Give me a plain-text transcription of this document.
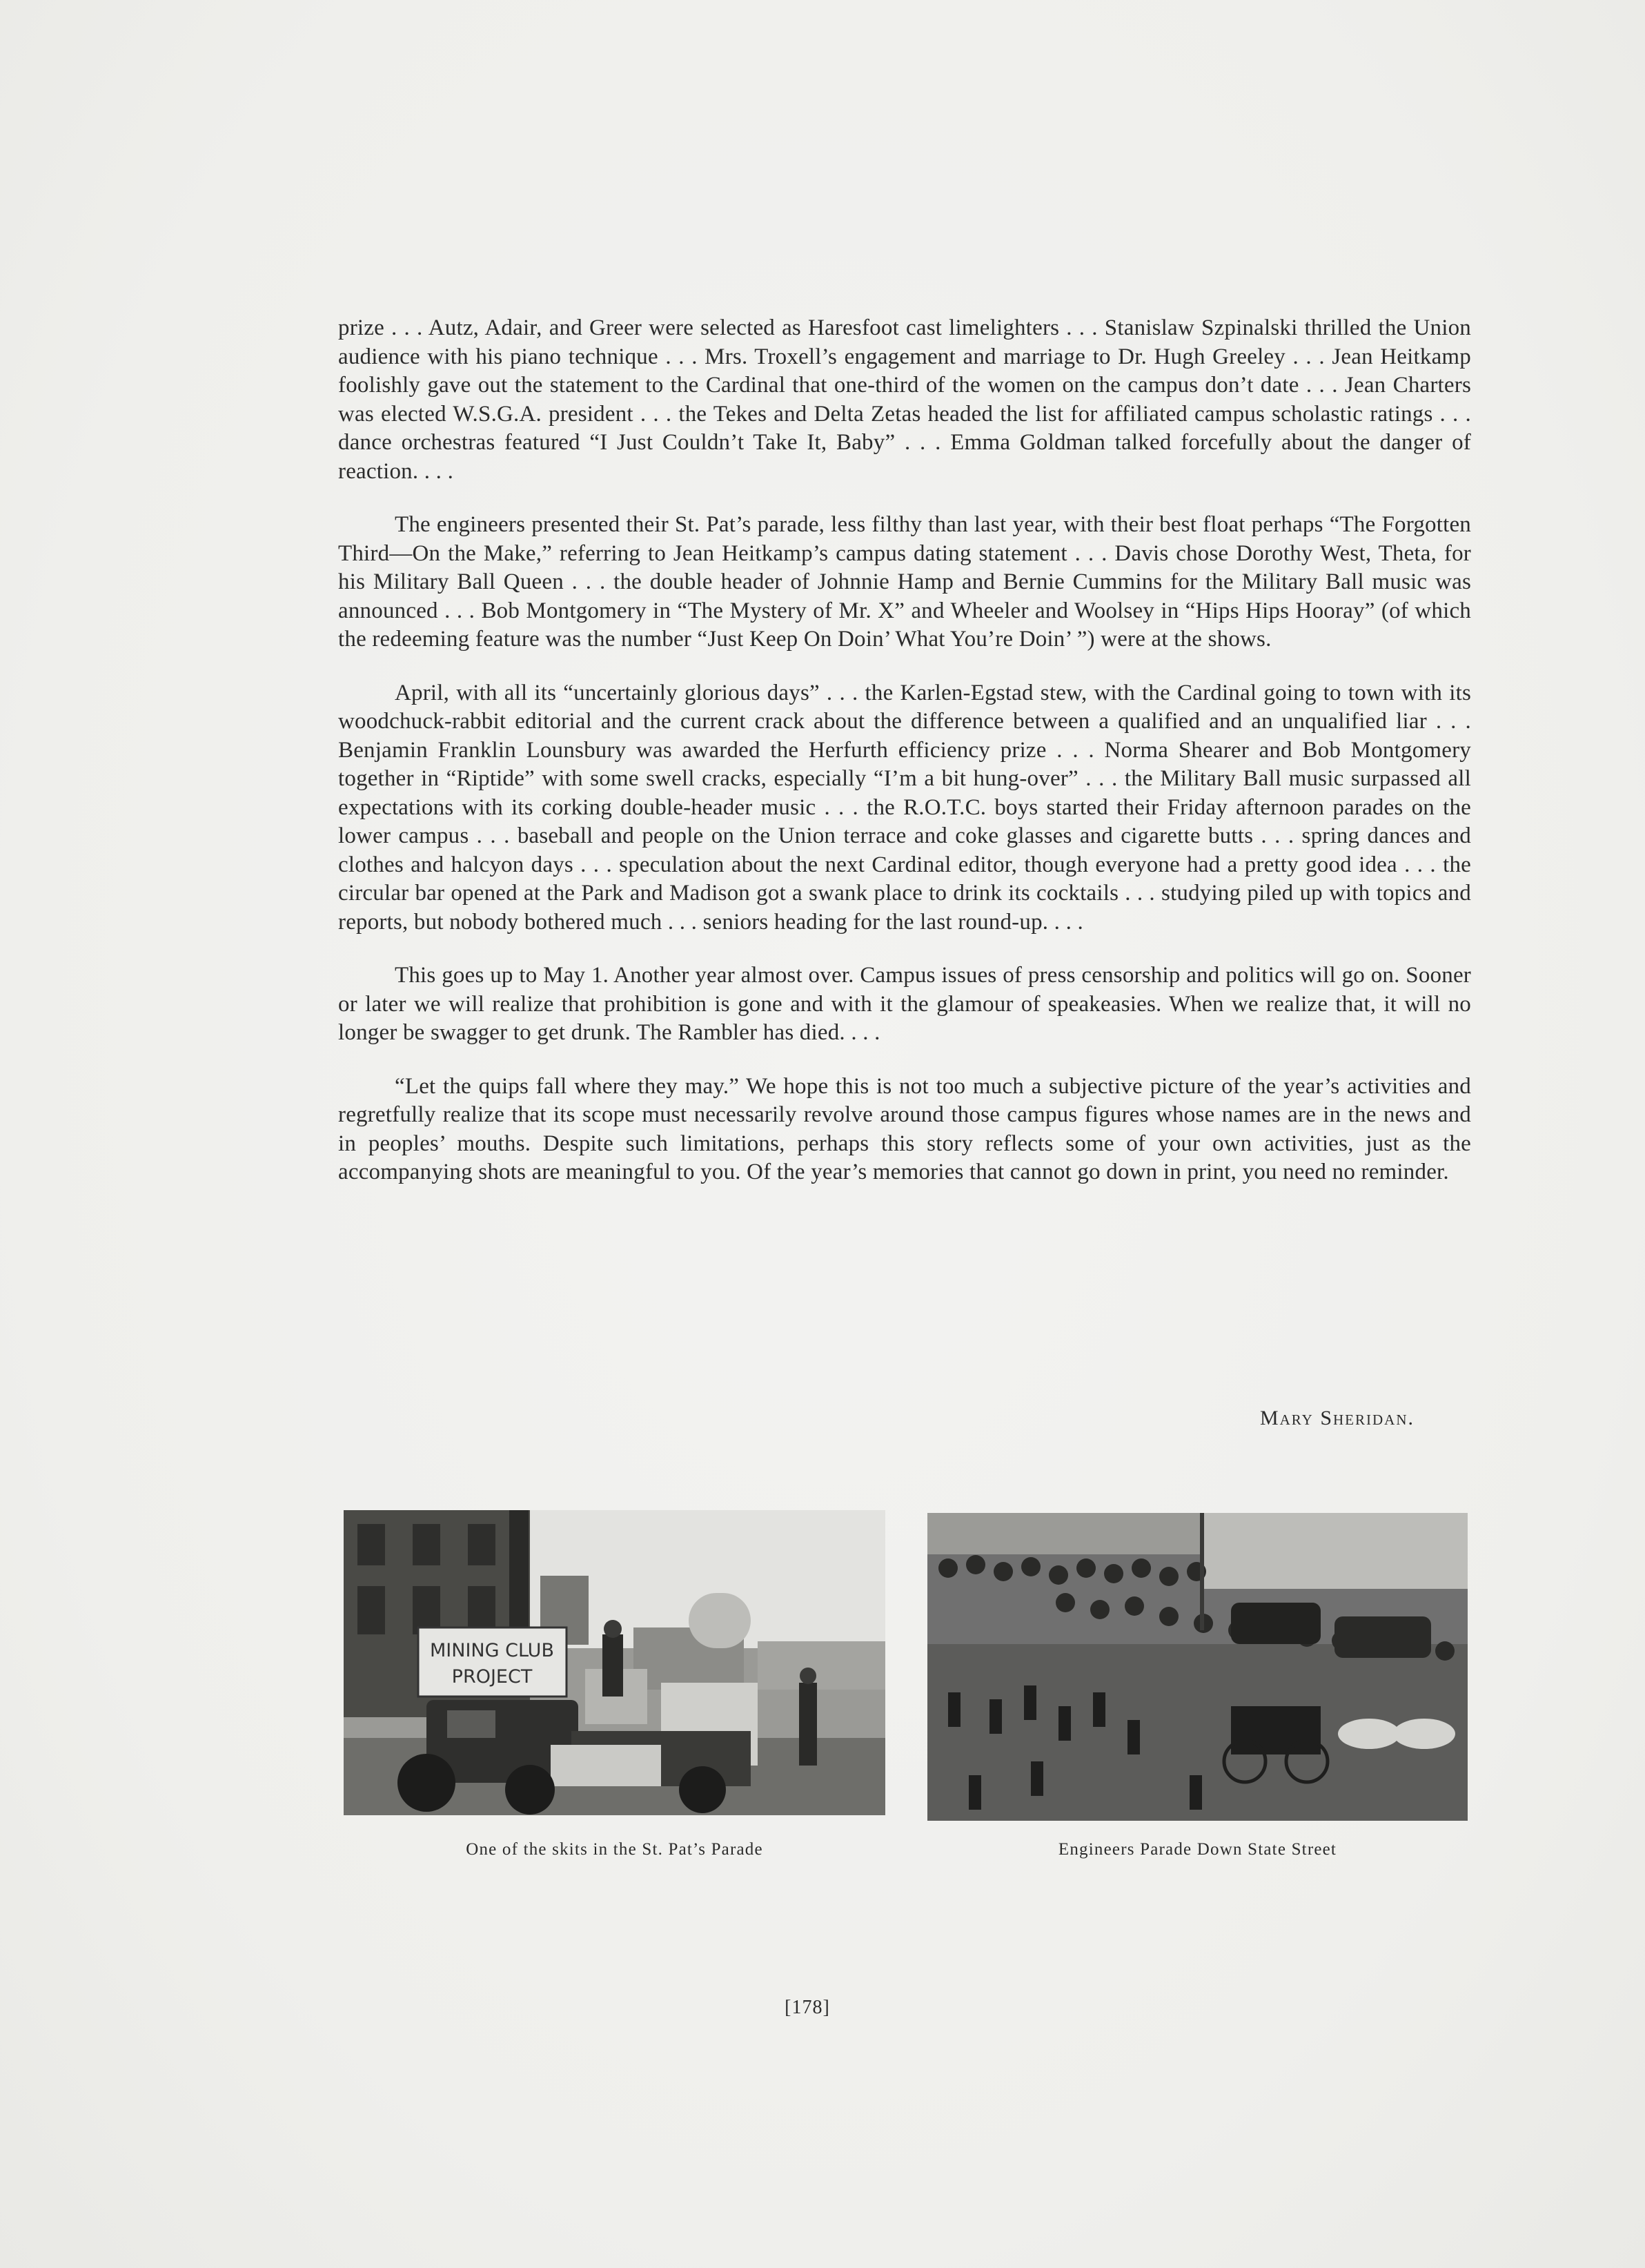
prize . . . Autz, Adair, and Greer were selected as Haresfoot cast limelighters . . . Stanislaw Szpinalski thrilled the Union audience with his piano technique . . . Mrs. Troxell’s engagement and marriage to Dr. Hugh Greeley . . . Jean Heitkamp foolishly gave out the statement to the Cardinal that one-third of the women on the campus don’t date . . . Jean Charters was elected W.S.G.A. president . . . the Tekes and Delta Zetas headed the list for affiliated campus scholastic ratings . . . dance orchestras featured “I Just Couldn’t Take It, Baby” . . . Emma Goldman talked forcefully about the danger of reaction. . . .

The engineers presented their St. Pat’s parade, less filthy than last year, with their best float perhaps “The Forgotten Third—On the Make,” referring to Jean Heitkamp’s campus dating statement . . . Davis chose Dorothy West, Theta, for his Military Ball Queen . . . the double header of Johnnie Hamp and Bernie Cummins for the Military Ball music was announced . . . Bob Montgomery in “The Mystery of Mr. X” and Wheeler and Woolsey in “Hips Hips Hooray” (of which the redeeming feature was the number “Just Keep On Doin’ What You’re Doin’ ”) were at the shows.

April, with all its “uncertainly glorious days” . . . the Karlen-Egstad stew, with the Cardinal going to town with its woodchuck-rabbit editorial and the current crack about the difference between a qualified and an unqualified liar . . . Benjamin Franklin Lounsbury was awarded the Herfurth efficiency prize . . . Norma Shearer and Bob Montgomery together in “Riptide” with some swell cracks, especially “I’m a bit hung-over” . . . the Military Ball music surpassed all expectations with its corking double-header music . . . the R.O.T.C. boys started their Friday afternoon parades on the lower campus . . . baseball and people on the Union terrace and coke glasses and cigarette butts . . . spring dances and clothes and halcyon days . . . speculation about the next Cardinal editor, though everyone had a pretty good idea . . . the circular bar opened at the Park and Madison got a swank place to drink its cocktails . . . studying piled up with topics and reports, but nobody bothered much . . . seniors heading for the last round-up. . . .

This goes up to May 1. Another year almost over. Campus issues of press censorship and politics will go on. Sooner or later we will realize that prohibition is gone and with it the glamour of speakeasies. When we realize that, it will no longer be swagger to get drunk. The Rambler has died. . . .

“Let the quips fall where they may.” We hope this is not too much a subjective picture of the year’s activities and regretfully realize that its scope must necessarily revolve around those campus figures whose names are in the news and in peoples’ mouths. Despite such limitations, perhaps this story reflects some of your own activities, just as the accompanying shots are meaningful to you. Of the year’s memories that cannot go down in print, you need no reminder.

Mary Sheridan.
MINING CLUB
PROJECT
One of the skits in the St. Pat’s Parade	Engineers Parade Down State Street
[178]
